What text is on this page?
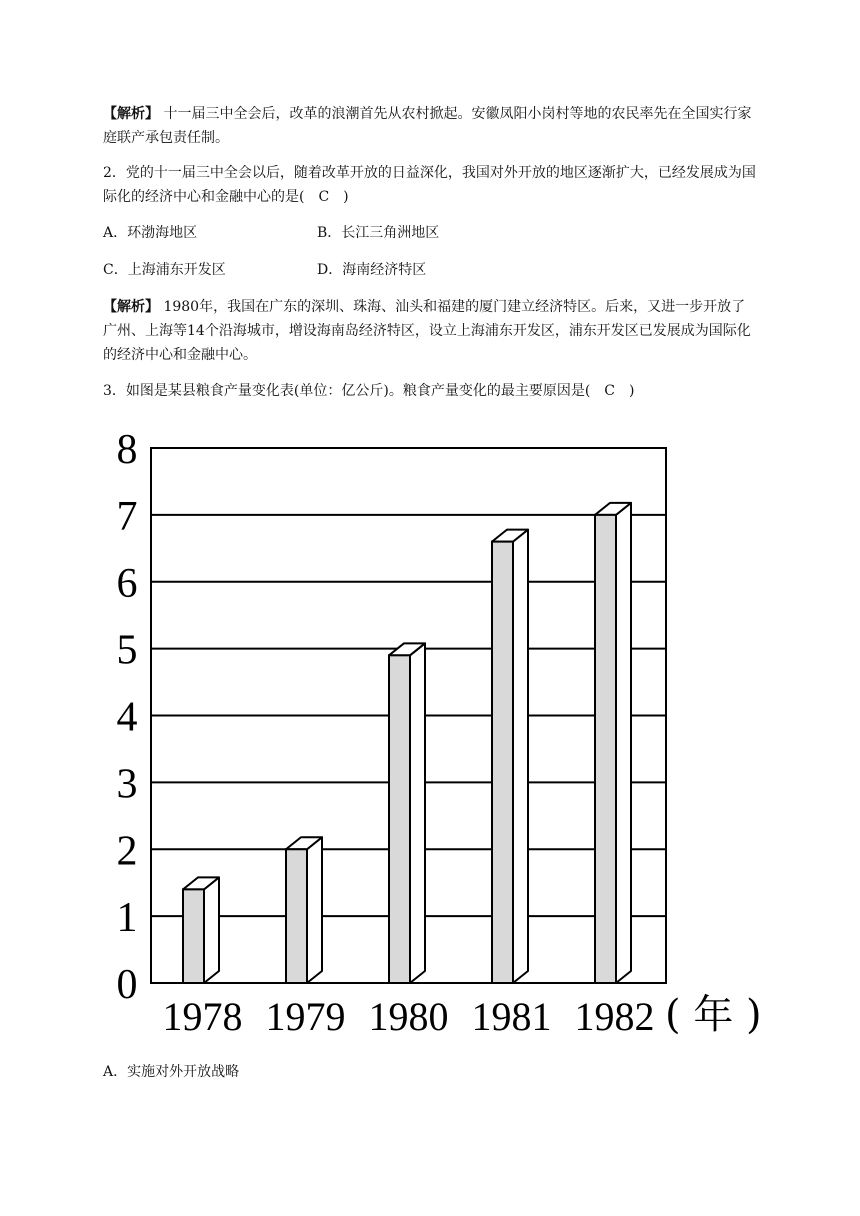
【解析】 十一届三中全会后，改革的浪潮首先从农村掀起。安徽凤阳小岗村等地的农民率先在全国实行家庭联产承包责任制。
2．党的十一届三中全会以后，随着改革开放的日益深化，我国对外开放的地区逐渐扩大，已经发展成为国际化的经济中心和金融中心的是(　C　)
A．环渤海地区	B．长江三角洲地区
C．上海浦东开发区	D．海南经济特区
【解析】 1980年，我国在广东的深圳、珠海、汕头和福建的厦门建立经济特区。后来，又进一步开放了广州、上海等14个沿海城市，增设海南岛经济特区，设立上海浦东开发区，浦东开发区已发展成为国际化的经济中心和金融中心。
3．如图是某县粮食产量变化表(单位：亿公斤)。粮食产量变化的最主要原因是(　C　)
0
1
2
3
4
5
6
7
8
1978 1979 1980 1981 1982 ( 年 )
A．实施对外开放战略
